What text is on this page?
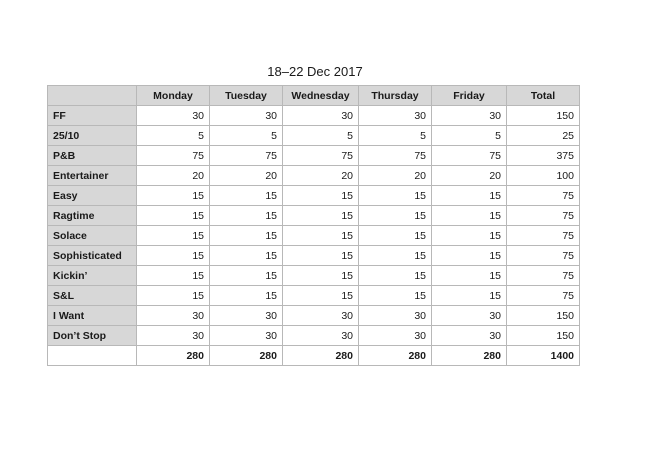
18–22 Dec 2017
	Monday	Tuesday	Wednesday	Thursday	Friday	Total
FF	30	30	30	30	30	150
25/10	5	5	5	5	5	25
P&B	75	75	75	75	75	375
Entertainer	20	20	20	20	20	100
Easy	15	15	15	15	15	75
Ragtime	15	15	15	15	15	75
Solace	15	15	15	15	15	75
Sophisticated	15	15	15	15	15	75
Kickin’	15	15	15	15	15	75
S&L	15	15	15	15	15	75
I Want	30	30	30	30	30	150
Don’t Stop	30	30	30	30	30	150
	280	280	280	280	280	1400
